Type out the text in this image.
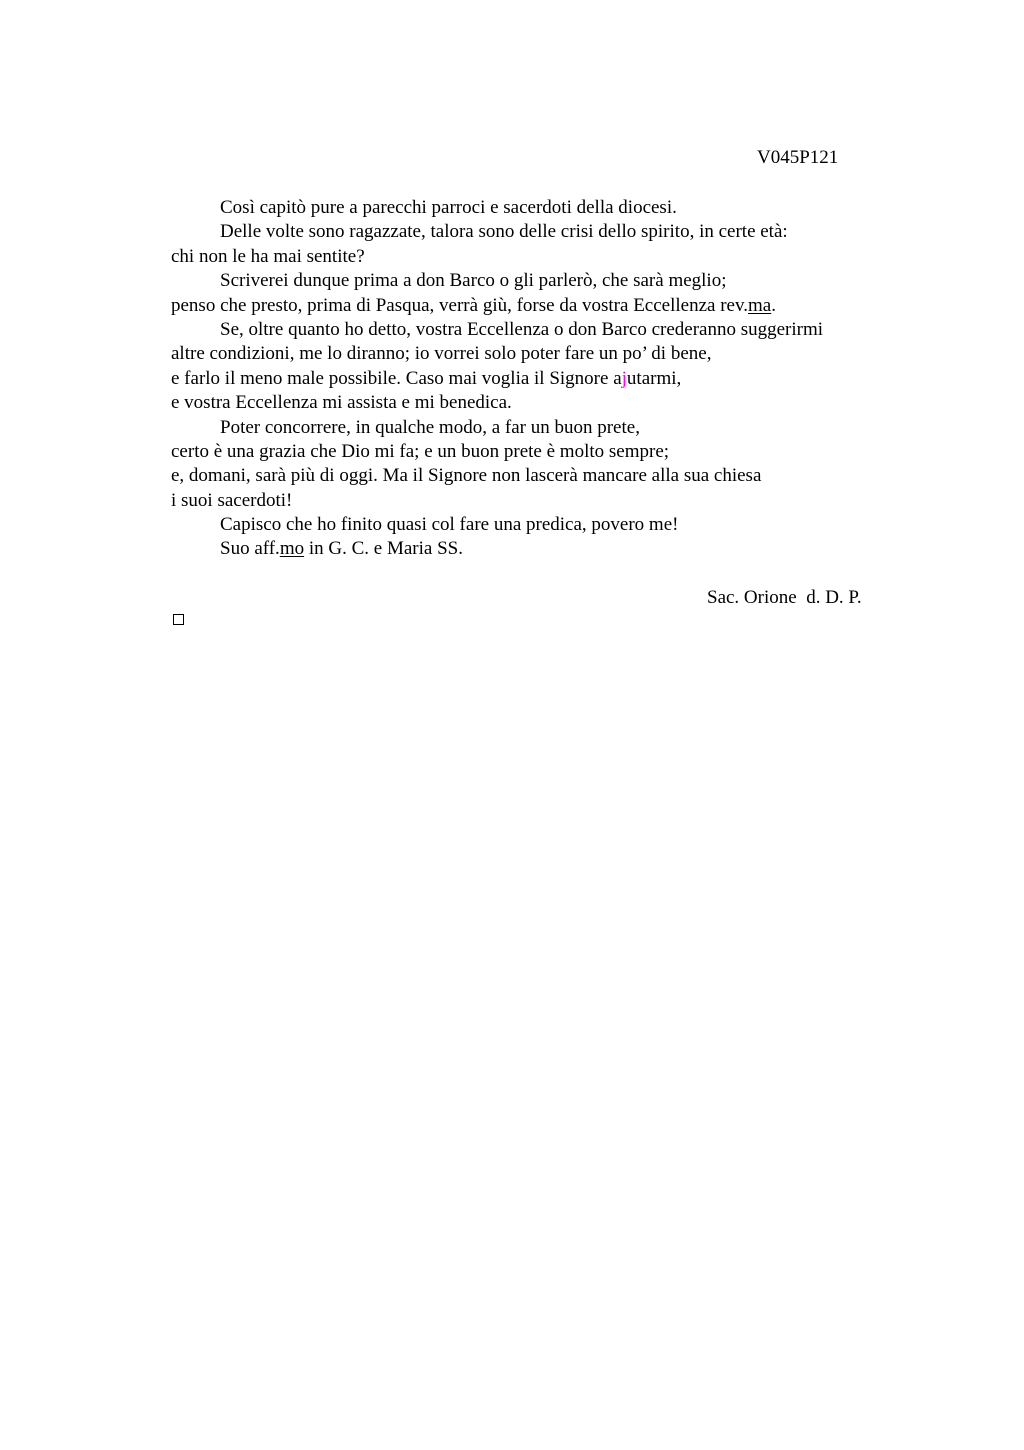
V045P121
Così capitò pure a parecchi parroci e sacerdoti della diocesi.
Delle volte sono ragazzate, talora sono delle crisi dello spirito, in certe età:
chi non le ha mai sentite?
Scriverei dunque prima a don Barco o gli parlerò, che sarà meglio;
penso che presto, prima di Pasqua, verrà giù, forse da vostra Eccellenza rev.ma.
Se, oltre quanto ho detto, vostra Eccellenza o don Barco crederanno suggerirmi
altre condizioni, me lo diranno; io vorrei solo poter fare un po’ di bene,
e farlo il meno male possibile. Caso mai voglia il Signore ajutarmi,
e vostra Eccellenza mi assista e mi benedica.
Poter concorrere, in qualche modo, a far un buon prete,
certo è una grazia che Dio mi fa; e un buon prete è molto sempre;
e, domani, sarà più di oggi. Ma il Signore non lascerà mancare alla sua chiesa
i suoi sacerdoti!
Capisco che ho finito quasi col fare una predica, povero me!
Suo aff.mo in G. C. e Maria SS.
Sac. Orione  d. D. P.
